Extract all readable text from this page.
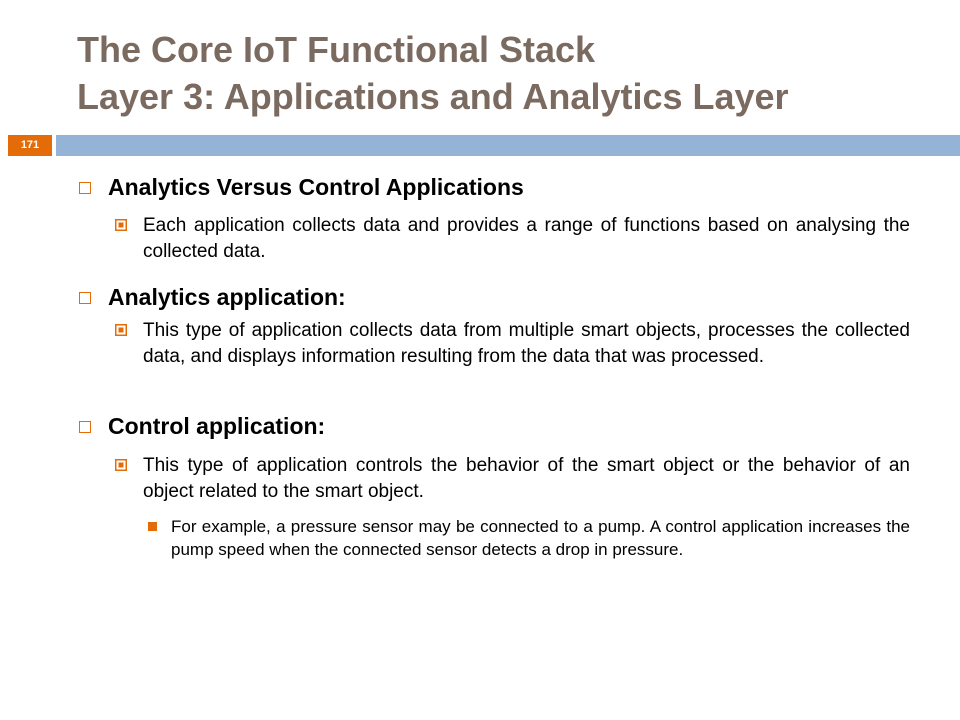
The Core IoT Functional Stack
Layer 3: Applications and Analytics Layer
171
Analytics Versus Control Applications
Each application collects data and provides a range of functions based on analysing the collected data.
Analytics application:
This type of application collects data from multiple smart objects, processes the collected data, and displays information resulting from the data that was processed.
Control application:
This type of application controls the behavior of the smart object or the behavior of an object related to the smart object.
For example, a pressure sensor may be connected to a pump. A control application increases the pump speed when the connected sensor detects a drop in pressure.
